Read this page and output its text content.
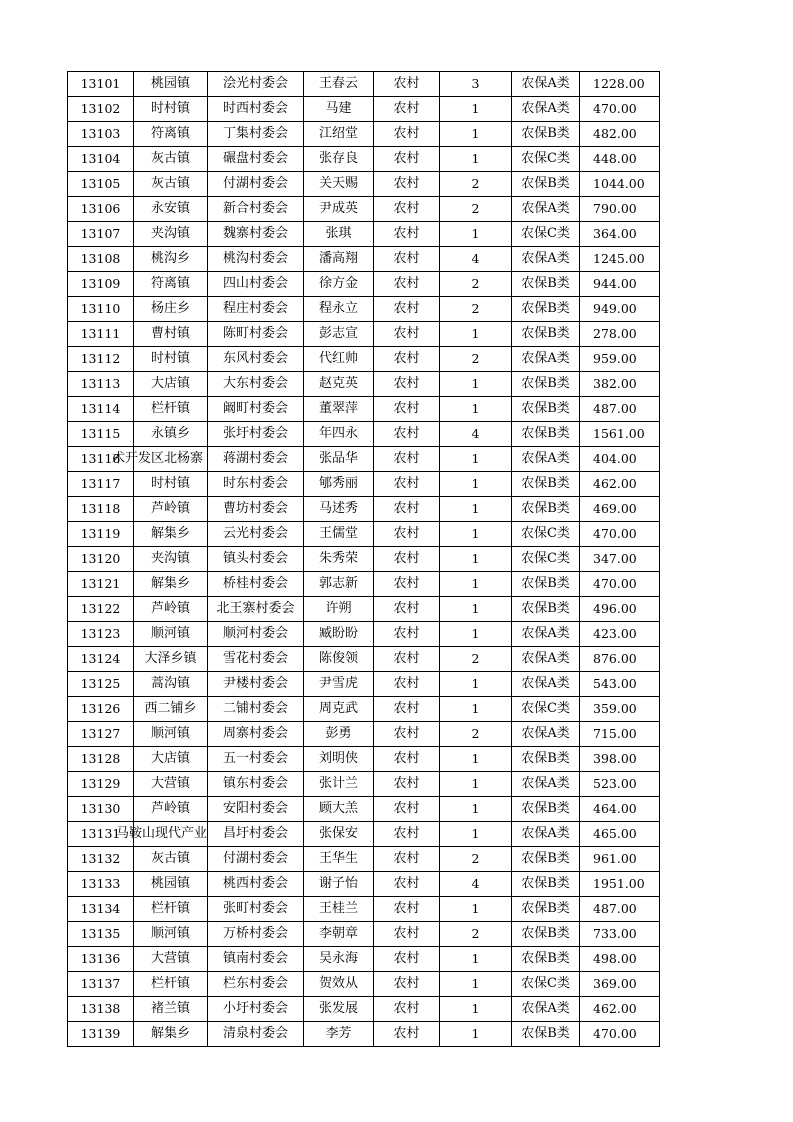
13101	桃园镇	浍光村委会	王春云	农村	3	农保A类	1228.00
13102	时村镇	时西村委会	马建	农村	1	农保A类	470.00
13103	符离镇	丁集村委会	江绍堂	农村	1	农保B类	482.00
13104	灰古镇	碾盘村委会	张存良	农村	1	农保C类	448.00
13105	灰古镇	付湖村委会	关天赐	农村	2	农保B类	1044.00
13106	永安镇	新合村委会	尹成英	农村	2	农保A类	790.00
13107	夹沟镇	魏寨村委会	张琪	农村	1	农保C类	364.00
13108	桃沟乡	桃沟村委会	潘高翔	农村	4	农保A类	1245.00
13109	符离镇	四山村委会	徐方金	农村	2	农保B类	944.00
13110	杨庄乡	程庄村委会	程永立	农村	2	农保B类	949.00
13111	曹村镇	陈町村委会	彭志宣	农村	1	农保B类	278.00
13112	时村镇	东风村委会	代红帅	农村	2	农保A类	959.00
13113	大店镇	大东村委会	赵克英	农村	1	农保B类	382.00
13114	栏杆镇	阚町村委会	董翠萍	农村	1	农保B类	487.00
13115	永镇乡	张圩村委会	年四永	农村	4	农保B类	1561.00
13116	术开发区北杨寨	蒋湖村委会	张品华	农村	1	农保A类	404.00
13117	时村镇	时东村委会	郇秀丽	农村	1	农保B类	462.00
13118	芦岭镇	曹坊村委会	马述秀	农村	1	农保B类	469.00
13119	解集乡	云光村委会	王儒堂	农村	1	农保C类	470.00
13120	夹沟镇	镇头村委会	朱秀荣	农村	1	农保C类	347.00
13121	解集乡	桥桂村委会	郭志新	农村	1	农保B类	470.00
13122	芦岭镇	北王寨村委会	许朔	农村	1	农保B类	496.00
13123	顺河镇	顺河村委会	臧盼盼	农村	1	农保A类	423.00
13124	大泽乡镇	雪花村委会	陈俊领	农村	2	农保A类	876.00
13125	蒿沟镇	尹楼村委会	尹雪虎	农村	1	农保A类	543.00
13126	西二铺乡	二铺村委会	周克武	农村	1	农保C类	359.00
13127	顺河镇	周寨村委会	彭勇	农村	2	农保A类	715.00
13128	大店镇	五一村委会	刘明侠	农村	1	农保B类	398.00
13129	大营镇	镇东村委会	张计兰	农村	1	农保A类	523.00
13130	芦岭镇	安阳村委会	顾大羔	农村	1	农保B类	464.00
13131	马鞍山现代产业	昌圩村委会	张保安	农村	1	农保A类	465.00
13132	灰古镇	付湖村委会	王华生	农村	2	农保B类	961.00
13133	桃园镇	桃西村委会	谢子怡	农村	4	农保B类	1951.00
13134	栏杆镇	张町村委会	王桂兰	农村	1	农保B类	487.00
13135	顺河镇	万桥村委会	李朝章	农村	2	农保B类	733.00
13136	大营镇	镇南村委会	吴永海	农村	1	农保B类	498.00
13137	栏杆镇	栏东村委会	贺效从	农村	1	农保C类	369.00
13138	褚兰镇	小圩村委会	张发展	农村	1	农保A类	462.00
13139	解集乡	清泉村委会	李芳	农村	1	农保B类	470.00
